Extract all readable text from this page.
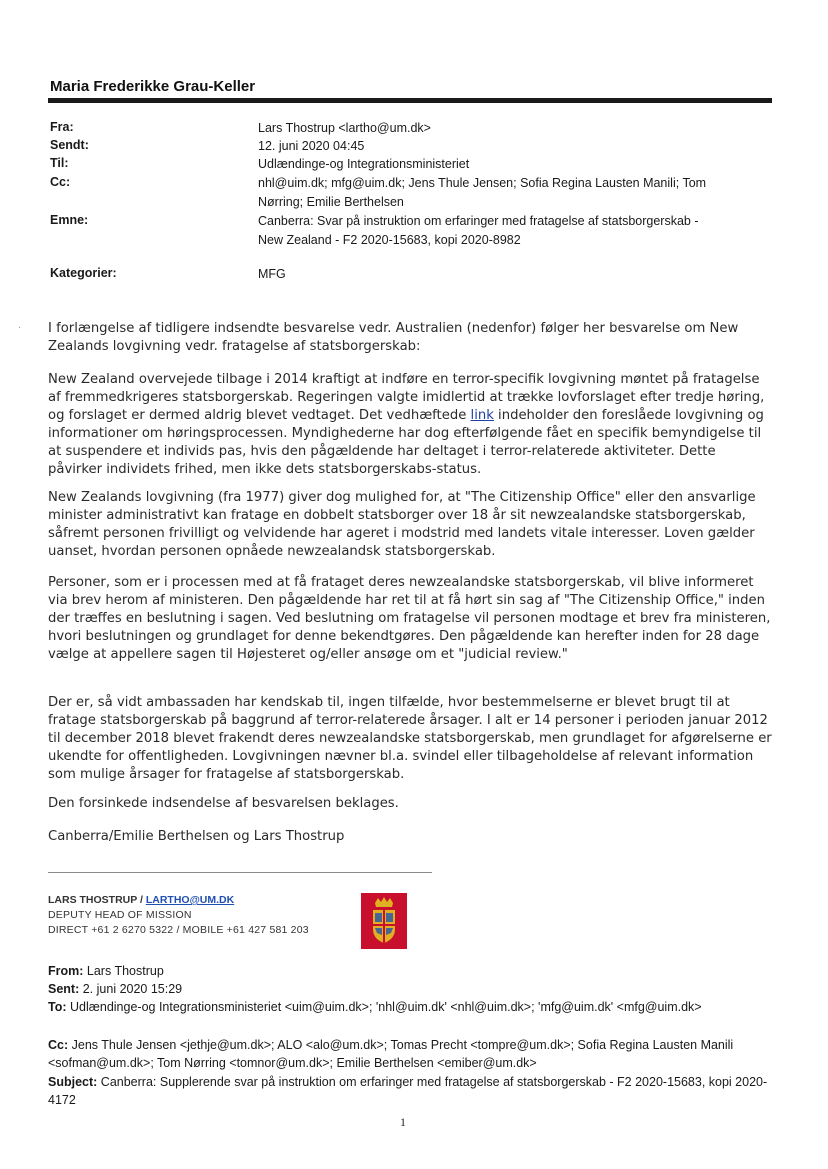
Maria Frederikke Grau-Keller
Fra:	Lars Thostrup <lartho@um.dk>
Sendt:	12. juni 2020 04:45
Til:	Udlændinge-og Integrationsministeriet
Cc:	nhl@uim.dk; mfg@uim.dk; Jens Thule Jensen; Sofia Regina Lausten Manili; Tom
Nørring; Emilie Berthelsen
Emne:	Canberra: Svar på instruktion om erfaringer med fratagelse af statsborgerskab -
New Zealand - F2 2020-15683, kopi 2020-8982
Kategorier:	MFG
· I forlængelse af tidligere indsendte besvarelse vedr. Australien (nedenfor) følger her besvarelse om New Zealands lovgivning vedr. fratagelse af statsborgerskab:

New Zealand overvejede tilbage i 2014 kraftigt at indføre en terror-specifik lovgivning møntet på fratagelse af fremmedkrigeres statsborgerskab. Regeringen valgte imidlertid at trække lovforslaget efter tredje høring, og forslaget er dermed aldrig blevet vedtaget. Det vedhæftede link indeholder den foreslåede lovgivning og informationer om høringsprocessen. Myndighederne har dog efterfølgende fået en specifik bemyndigelse til at suspendere et individs pas, hvis den pågældende har deltaget i terror-relaterede aktiviteter. Dette påvirker individets frihed, men ikke dets statsborgerskabs-status.

New Zealands lovgivning (fra 1977) giver dog mulighed for, at "The Citizenship Office" eller den ansvarlige minister administrativt kan fratage en dobbelt statsborger over 18 år sit newzealandske statsborgerskab, såfremt personen frivilligt og velvidende har ageret i modstrid med landets vitale interesser. Loven gælder uanset, hvordan personen opnåede newzealandsk statsborgerskab.

Personer, som er i processen med at få frataget deres newzealandske statsborgerskab, vil blive informeret via brev herom af ministeren. Den pågældende har ret til at få hørt sin sag af "The Citizenship Office," inden der træffes en beslutning i sagen. Ved beslutning om fratagelse vil personen modtage et brev fra ministeren, hvori beslutningen og grundlaget for denne bekendtgøres. Den pågældende kan herefter inden for 28 dage vælge at appellere sagen til Højesteret og/eller ansøge om et "judicial review."

Der er, så vidt ambassaden har kendskab til, ingen tilfælde, hvor bestemmelserne er blevet brugt til at fratage statsborgerskab på baggrund af terror-relaterede årsager. I alt er 14 personer i perioden januar 2012 til december 2018 blevet frakendt deres newzealandske statsborgerskab, men grundlaget for afgørelserne er ukendte for offentligheden. Lovgivningen nævner bl.a. svindel eller tilbageholdelse af relevant information som mulige årsager for fratagelse af statsborgerskab.

Den forsinkede indsendelse af besvarelsen beklages.

Canberra/Emilie Berthelsen og Lars Thostrup

LARS THOSTRUP / LARTHO@UM.DK
DEPUTY HEAD OF MISSION
DIRECT +61 2 6270 5322 / MOBILE +61 427 581 203
From: Lars Thostrup
Sent: 2. juni 2020 15:29
To: Udlændinge-og Integrationsministeriet <uim@uim.dk>; 'nhl@uim.dk' <nhl@uim.dk>; 'mfg@uim.dk' <mfg@uim.dk>
Cc: Jens Thule Jensen <jethje@um.dk>; ALO <alo@um.dk>; Tomas Precht <tompre@um.dk>; Sofia Regina Lausten Manili <sofman@um.dk>; Tom Nørring <tomnor@um.dk>; Emilie Berthelsen <emiber@um.dk>
Subject: Canberra: Supplerende svar på instruktion om erfaringer med fratagelse af statsborgerskab - F2 2020-15683, kopi 2020-4172
1
